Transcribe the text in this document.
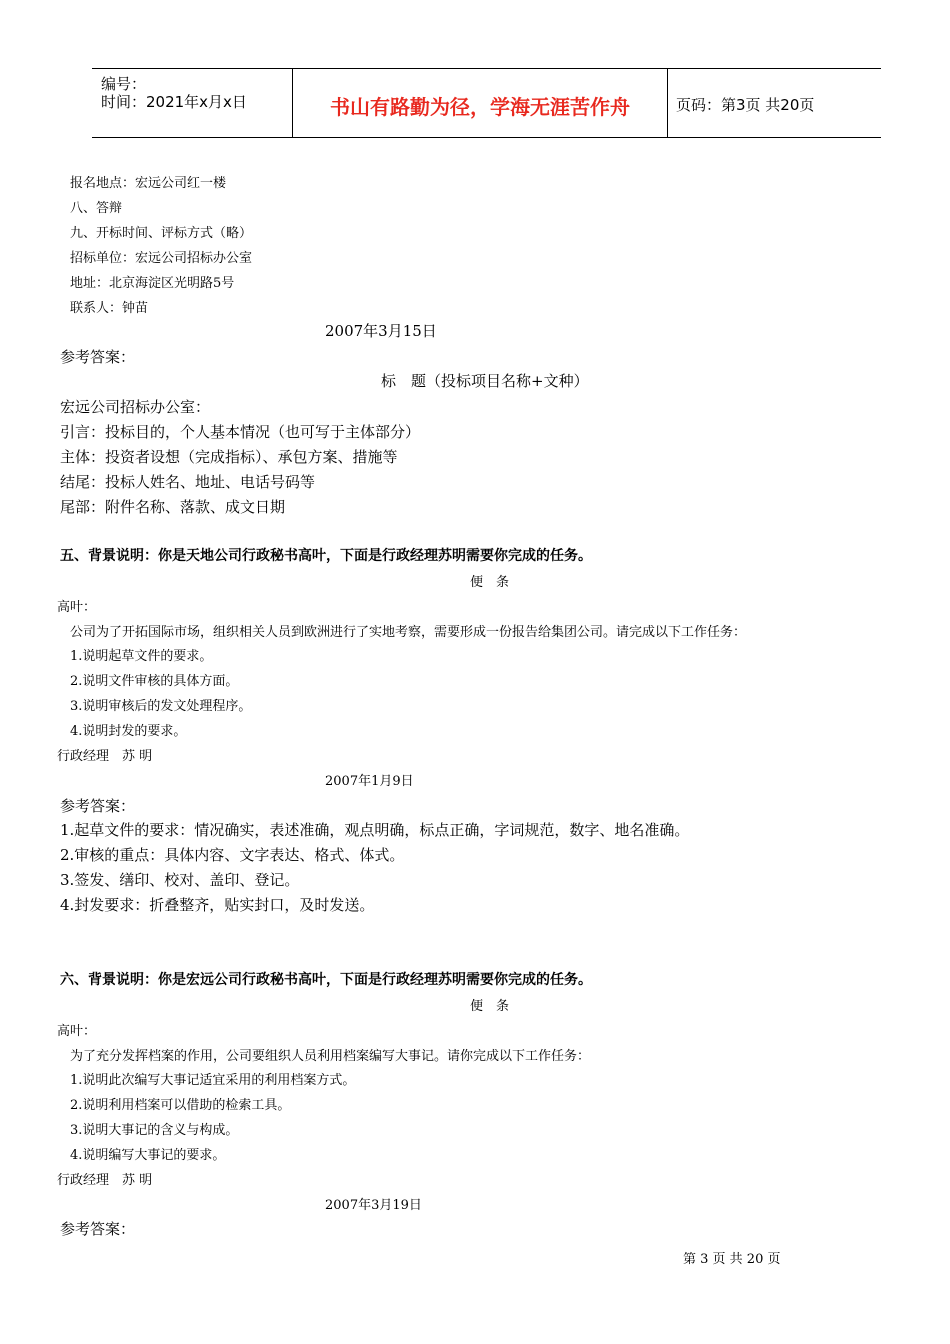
编号：
时间：2021年x月x日	书山有路勤为径，学海无涯苦作舟	页码：第3页 共20页
报名地点：宏远公司红一楼
八、答辩
九、开标时间、评标方式（略）
招标单位：宏远公司招标办公室
地址：北京海淀区光明路5号
联系人：钟苗
2007年3月15日
参考答案：
标　题（投标项目名称+文种）
宏远公司招标办公室：
引言：投标目的，个人基本情况（也可写于主体部分）
主体：投资者设想（完成指标）、承包方案、措施等
结尾：投标人姓名、地址、电话号码等
尾部：附件名称、落款、成文日期
五、背景说明：你是天地公司行政秘书高叶，下面是行政经理苏明需要你完成的任务。
便　条
高叶：
公司为了开拓国际市场，组织相关人员到欧洲进行了实地考察，需要形成一份报告给集团公司。请完成以下工作任务：
1.说明起草文件的要求。
2.说明文件审核的具体方面。
3.说明审核后的发文处理程序。
4.说明封发的要求。
行政经理　苏 明
2007年1月9日
参考答案：
1.起草文件的要求：情况确实，表述准确，观点明确，标点正确，字词规范，数字、地名准确。
2.审核的重点：具体内容、文字表达、格式、体式。
3.签发、缮印、校对、盖印、登记。
4.封发要求：折叠整齐，贴实封口，及时发送。
六、背景说明：你是宏远公司行政秘书高叶，下面是行政经理苏明需要你完成的任务。
便　条
高叶：
为了充分发挥档案的作用，公司要组织人员利用档案编写大事记。请你完成以下工作任务：
1.说明此次编写大事记适宜采用的利用档案方式。
2.说明利用档案可以借助的检索工具。
3.说明大事记的含义与构成。
4.说明编写大事记的要求。
行政经理　苏 明
2007年3月19日
参考答案：
第 3 页 共 20 页
